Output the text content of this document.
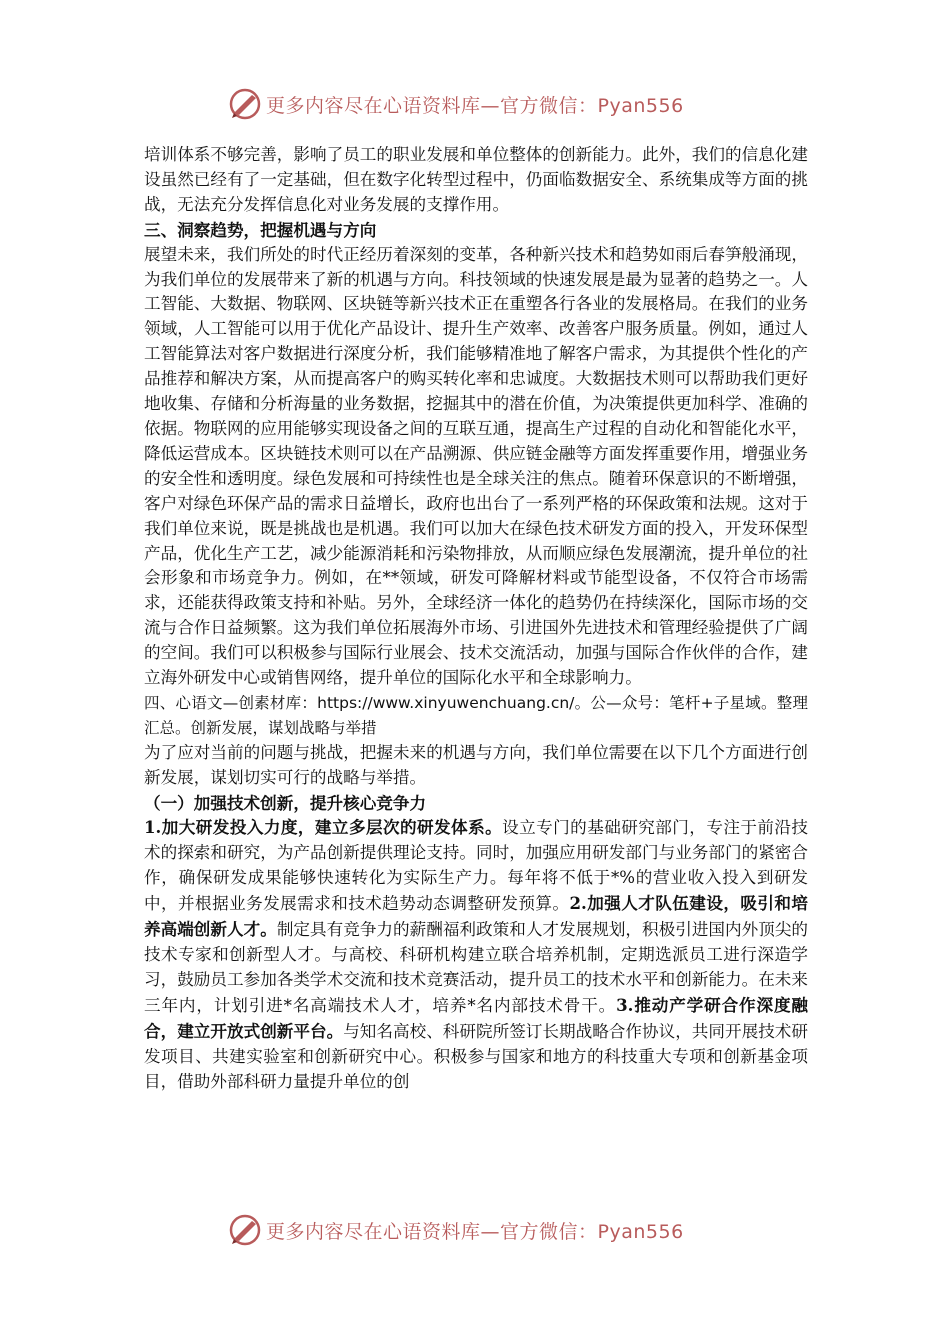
更多内容尽在心语资料库—官方微信：Pyan556

培训体系不够完善，影响了员工的职业发展和单位整体的创新能力。此外，我们的信息化建设虽然已经有了一定基础，但在数字化转型过程中，仍面临数据安全、系统集成等方面的挑战，无法充分发挥信息化对业务发展的支撑作用。

三、洞察趋势，把握机遇与方向

展望未来，我们所处的时代正经历着深刻的变革，各种新兴技术和趋势如雨后春笋般涌现，为我们单位的发展带来了新的机遇与方向。科技领域的快速发展是最为显著的趋势之一。人工智能、大数据、物联网、区块链等新兴技术正在重塑各行各业的发展格局。在我们的业务领域，人工智能可以用于优化产品设计、提升生产效率、改善客户服务质量。例如，通过人工智能算法对客户数据进行深度分析，我们能够精准地了解客户需求，为其提供个性化的产品推荐和解决方案，从而提高客户的购买转化率和忠诚度。大数据技术则可以帮助我们更好地收集、存储和分析海量的业务数据，挖掘其中的潜在价值，为决策提供更加科学、准确的依据。物联网的应用能够实现设备之间的互联互通，提高生产过程的自动化和智能化水平，降低运营成本。区块链技术则可以在产品溯源、供应链金融等方面发挥重要作用，增强业务的安全性和透明度。绿色发展和可持续性也是全球关注的焦点。随着环保意识的不断增强，客户对绿色环保产品的需求日益增长，政府也出台了一系列严格的环保政策和法规。这对于我们单位来说，既是挑战也是机遇。我们可以加大在绿色技术研发方面的投入，开发环保型产品，优化生产工艺，减少能源消耗和污染物排放，从而顺应绿色发展潮流，提升单位的社会形象和市场竞争力。例如，在**领域，研发可降解材料或节能型设备，不仅符合市场需求，还能获得政策支持和补贴。另外，全球经济一体化的趋势仍在持续深化，国际市场的交流与合作日益频繁。这为我们单位拓展海外市场、引进国外先进技术和管理经验提供了广阔的空间。我们可以积极参与国际行业展会、技术交流活动，加强与国际合作伙伴的合作，建立海外研发中心或销售网络，提升单位的国际化水平和全球影响力。

四、心语文—创素材库：https://www.xinyuwenchuang.cn/。公—众号：笔杆+子星域。整理汇总。创新发展，谋划战略与举措

为了应对当前的问题与挑战，把握未来的机遇与方向，我们单位需要在以下几个方面进行创新发展，谋划切实可行的战略与举措。

（一）加强技术创新，提升核心竞争力

1.加大研发投入力度，建立多层次的研发体系。设立专门的基础研究部门，专注于前沿技术的探索和研究，为产品创新提供理论支持。同时，加强应用研发部门与业务部门的紧密合作，确保研发成果能够快速转化为实际生产力。每年将不低于*%的营业收入投入到研发中，并根据业务发展需求和技术趋势动态调整研发预算。2.加强人才队伍建设，吸引和培养高端创新人才。制定具有竞争力的薪酬福利政策和人才发展规划，积极引进国内外顶尖的技术专家和创新型人才。与高校、科研机构建立联合培养机制，定期选派员工进行深造学习，鼓励员工参加各类学术交流和技术竞赛活动，提升员工的技术水平和创新能力。在未来三年内，计划引进*名高端技术人才，培养*名内部技术骨干。3.推动产学研合作深度融合，建立开放式创新平台。与知名高校、科研院所签订长期战略合作协议，共同开展技术研发项目、共建实验室和创新研究中心。积极参与国家和地方的科技重大专项和创新基金项目，借助外部科研力量提升单位的创

更多内容尽在心语资料库—官方微信：Pyan556
